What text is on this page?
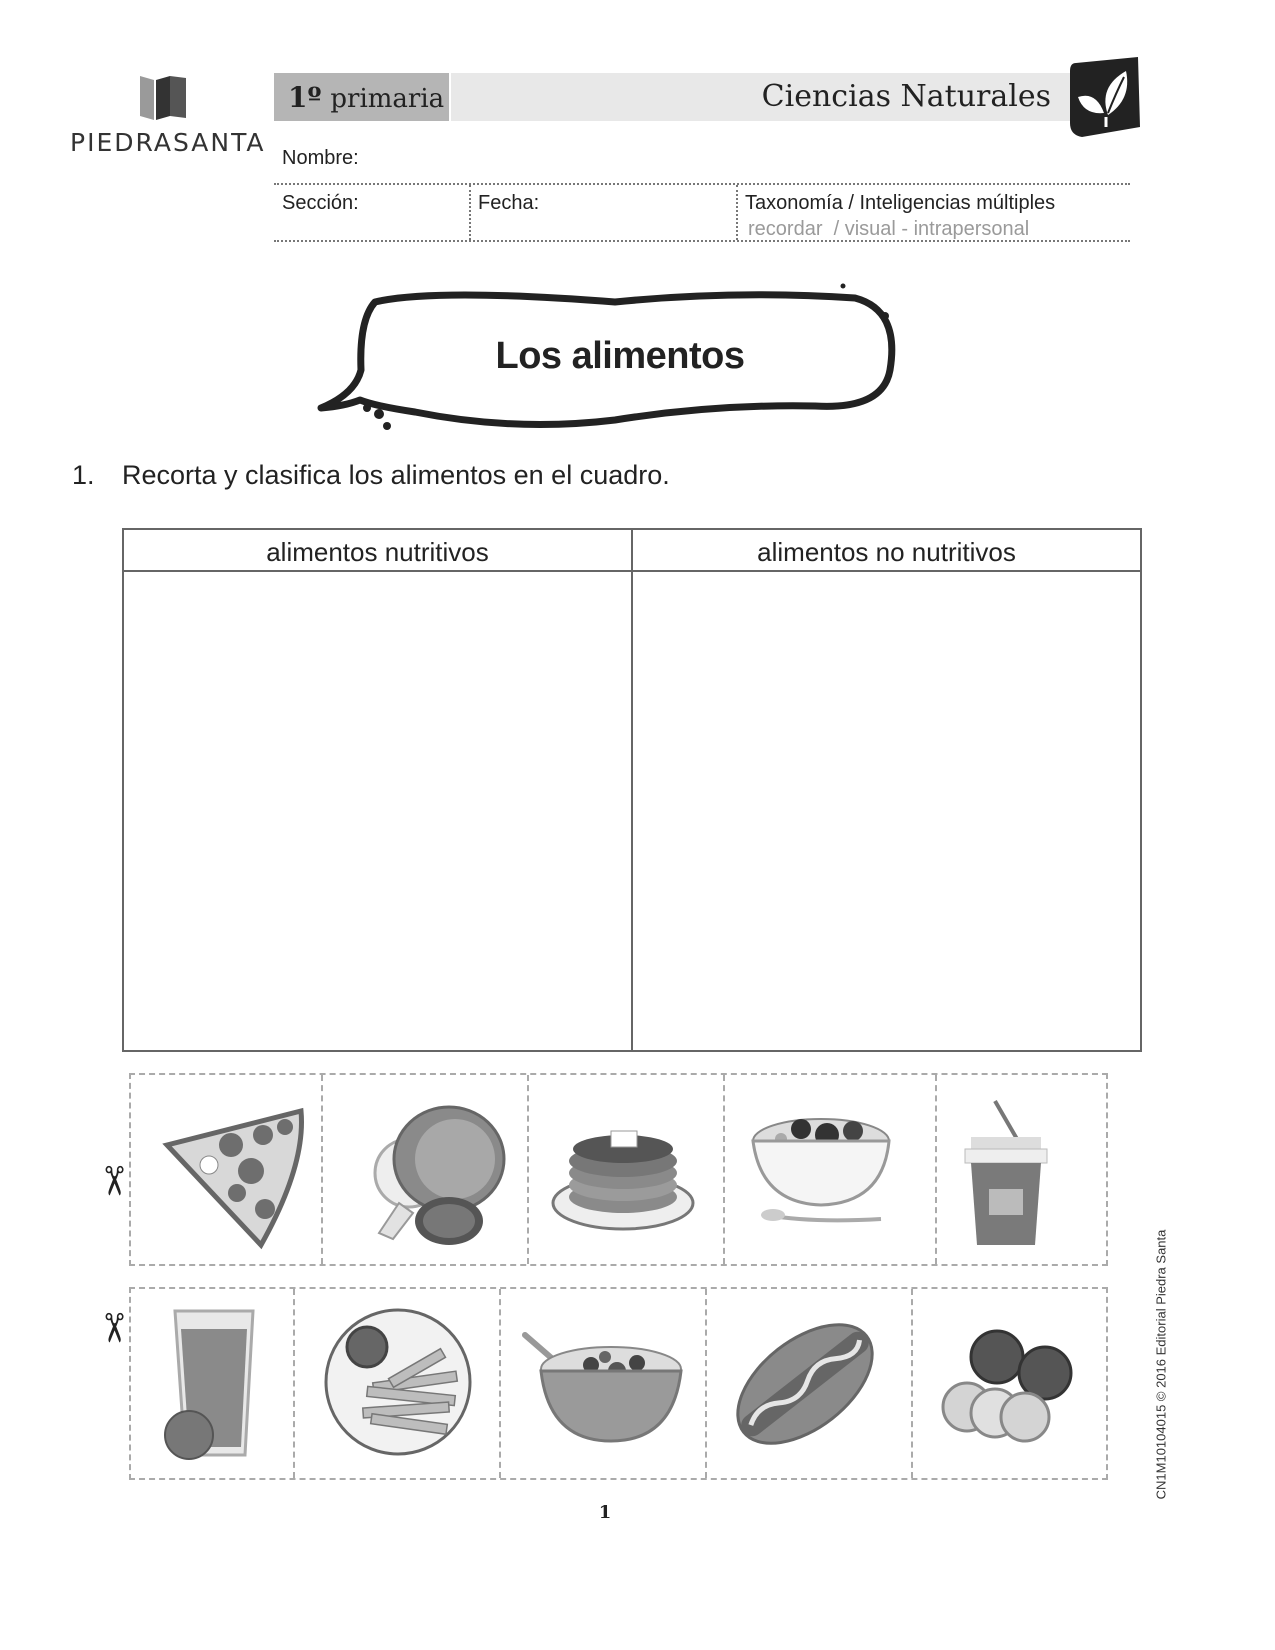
PIEDRASANTA
1º primaria	Ciencias Naturales
Nombre:
Sección:	Fecha:	Taxonomía / Inteligencias múltiples
recordar  / visual - intrapersonal
Los alimentos
1. Recorta y clasifica los alimentos en el cuadro.
alimentos nutritivos	alimentos no nutritivos
✂
✂
1
CN1M10104015 © 2016 Editorial Piedra Santa
